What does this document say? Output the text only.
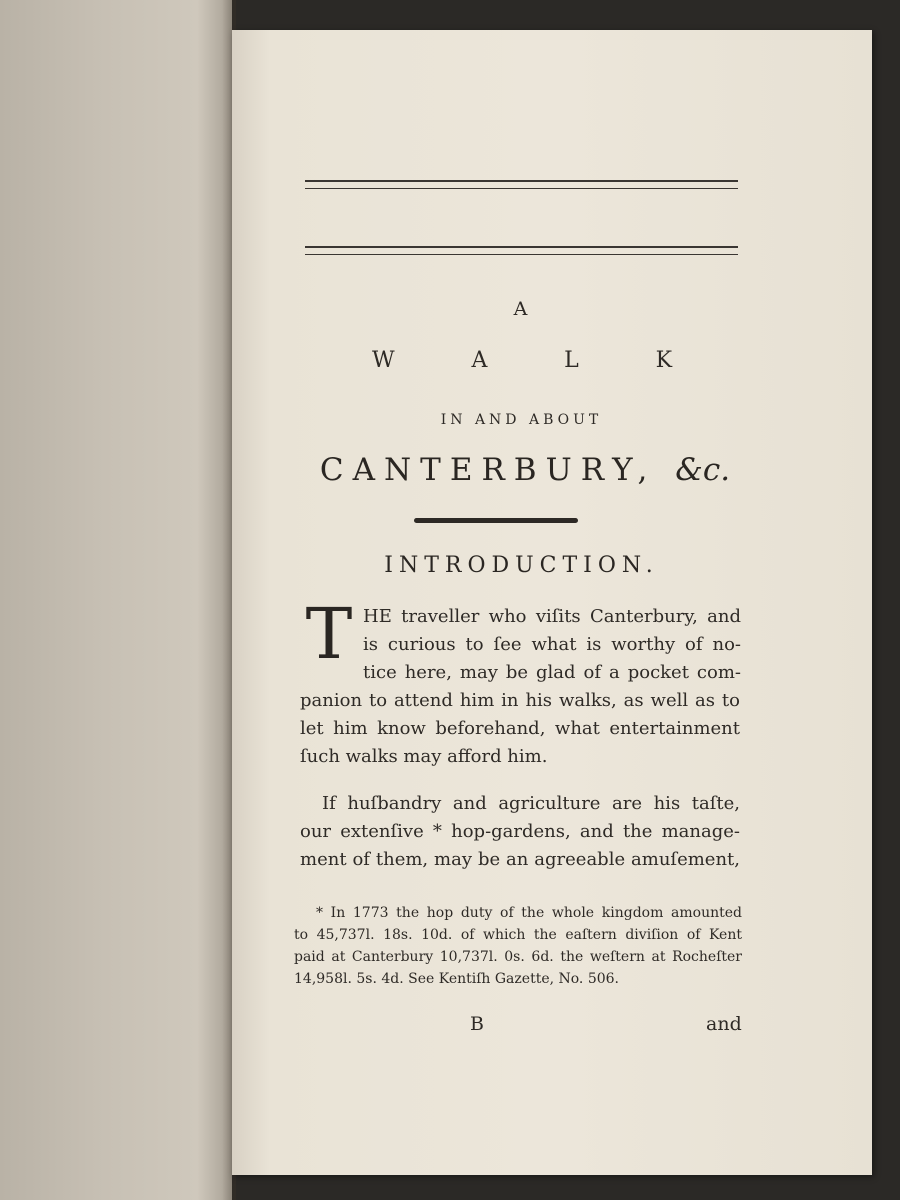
A
W	A	L	K
IN AND ABOUT
CANTERBURY, &c.
INTRODUCTION.
T HE traveller who viſits Canterbury, and
is curious to ſee what is worthy of no-
tice here, may be glad of a pocket com-
panion to attend him in his walks, as well as to
let him know beforehand, what entertainment
ſuch walks may afford him.
If huſbandry and agriculture are his taſte,
our extenſive * hop-gardens, and the manage-
ment of them, may be an agreeable amuſement,
* In 1773 the hop duty of the whole kingdom amounted
to 45,737l. 18s. 10d. of which the eaſtern diviſion of Kent
paid at Canterbury 10,737l. 0s. 6d. the weſtern at Rocheſter
14,958l. 5s. 4d. See Kentiſh Gazette, No. 506.
B	and
